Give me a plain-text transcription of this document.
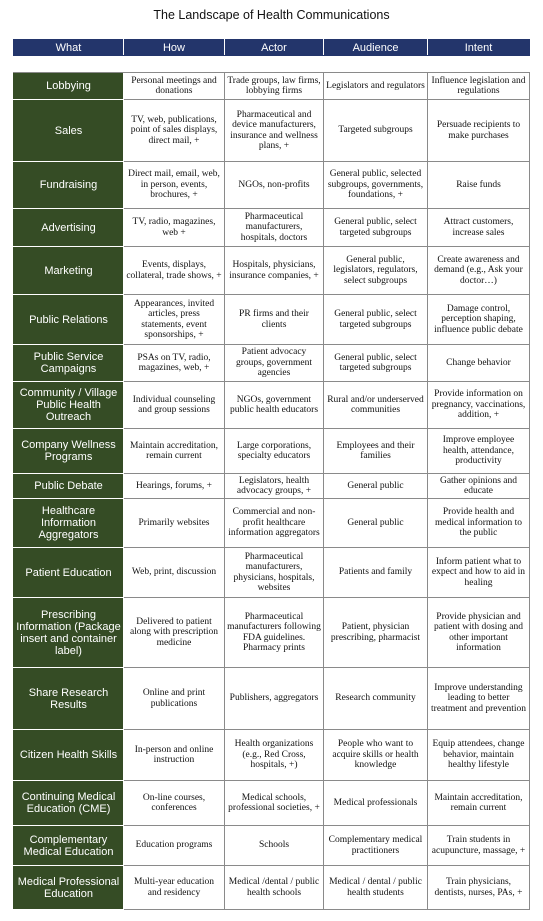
The Landscape of Health Communications
What	How	Actor	Audience	Intent

Lobbying	Personal meetings and donations	Trade groups, law firms, lobbying firms	Legislators and regulators	Influence legislation and regulations
Sales	TV, web, publications, point of sales displays, direct mail, +	Pharmaceutical and device manufacturers, insurance and wellness plans, +	Targeted subgroups	Persuade recipients to make purchases
Fundraising	Direct mail, email, web, in person, events, brochures, +	NGOs, non-profits	General public, selected subgroups, governments, foundations, +	Raise funds
Advertising	TV, radio, magazines, web +	Pharmaceutical manufacturers, hospitals, doctors	General public, select targeted subgroups	Attract customers, increase sales
Marketing	Events, displays, collateral, trade shows, +	Hospitals, physicians, insurance companies, +	General public, legislators, regulators, select subgroups	Create awareness and demand (e.g., Ask your doctor…)
Public Relations	Appearances, invited articles, press statements, event sponsorships, +	PR firms and their clients	General public, select targeted subgroups	Damage control, perception shaping, influence public debate
Public Service Campaigns	PSAs on TV, radio, magazines, web, +	Patient advocacy groups, government agencies	General public, select targeted subgroups	Change behavior
Community / Village Public Health Outreach	Individual counseling and group sessions	NGOs, government public health educators	Rural and/or underserved communities	Provide information on pregnancy, vaccinations, addition, +
Company Wellness Programs	Maintain accreditation, remain current	Large corporations, specialty educators	Employees and their families	Improve employee health, attendance, productivity
Public Debate	Hearings, forums, +	Legislators, health advocacy groups, +	General public	Gather opinions and educate
Healthcare Information Aggregators	Primarily websites	Commercial and non-profit healthcare information aggregators	General public	Provide health and medical information to the public
Patient Education	Web, print, discussion	Pharmaceutical manufacturers, physicians, hospitals, websites	Patients and family	Inform patient what to expect and how to aid in healing
Prescribing Information (Package insert and container label)	Delivered to patient along with prescription medicine	Pharmaceutical manufacturers following FDA guidelines. Pharmacy prints	Patient, physician prescribing, pharmacist	Provide physician and patient with dosing and other important information
Share Research Results	Online and print publications	Publishers, aggregators	Research community	Improve understanding leading to better treatment and prevention
Citizen Health Skills	In-person and online instruction	Health organizations (e.g., Red Cross, hospitals, +)	People who want to acquire skills or health knowledge	Equip attendees, change behavior, maintain healthy lifestyle
Continuing Medical Education (CME)	On-line courses, conferences	Medical schools, professional societies, +	Medical professionals	Maintain accreditation, remain current
Complementary Medical Education	Education programs	Schools	Complementary medical practitioners	Train students in acupuncture, massage, +
Medical Professional Education	Multi-year education and residency	Medical /dental / public health schools	Medical / dental / public health students	Train physicians, dentists, nurses, PAs, +
